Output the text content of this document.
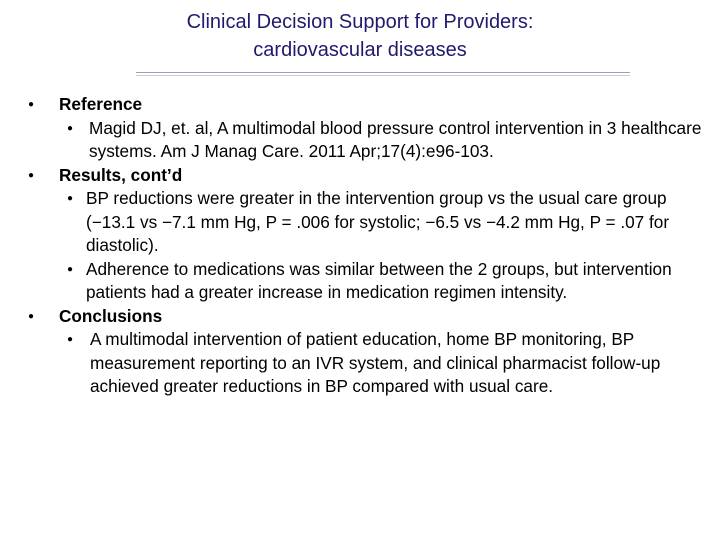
Clinical Decision Support for Providers:
cardiovascular diseases
● Reference
● Magid DJ, et. al, A multimodal blood pressure control intervention in 3 healthcare systems. Am J Manag Care. 2011 Apr;17(4):e96-103.
● Results, cont’d
● BP reductions were greater in the intervention group vs the usual care group (−13.1 vs −7.1 mm Hg, P = .006 for systolic; −6.5 vs −4.2 mm Hg, P = .07 for diastolic).
● Adherence to medications was similar between the 2 groups, but intervention patients had a greater increase in medication regimen intensity.
● Conclusions
● A multimodal intervention of patient education, home BP monitoring, BP measurement reporting to an IVR system, and clinical pharmacist follow-up achieved greater reductions in BP compared with usual care.
